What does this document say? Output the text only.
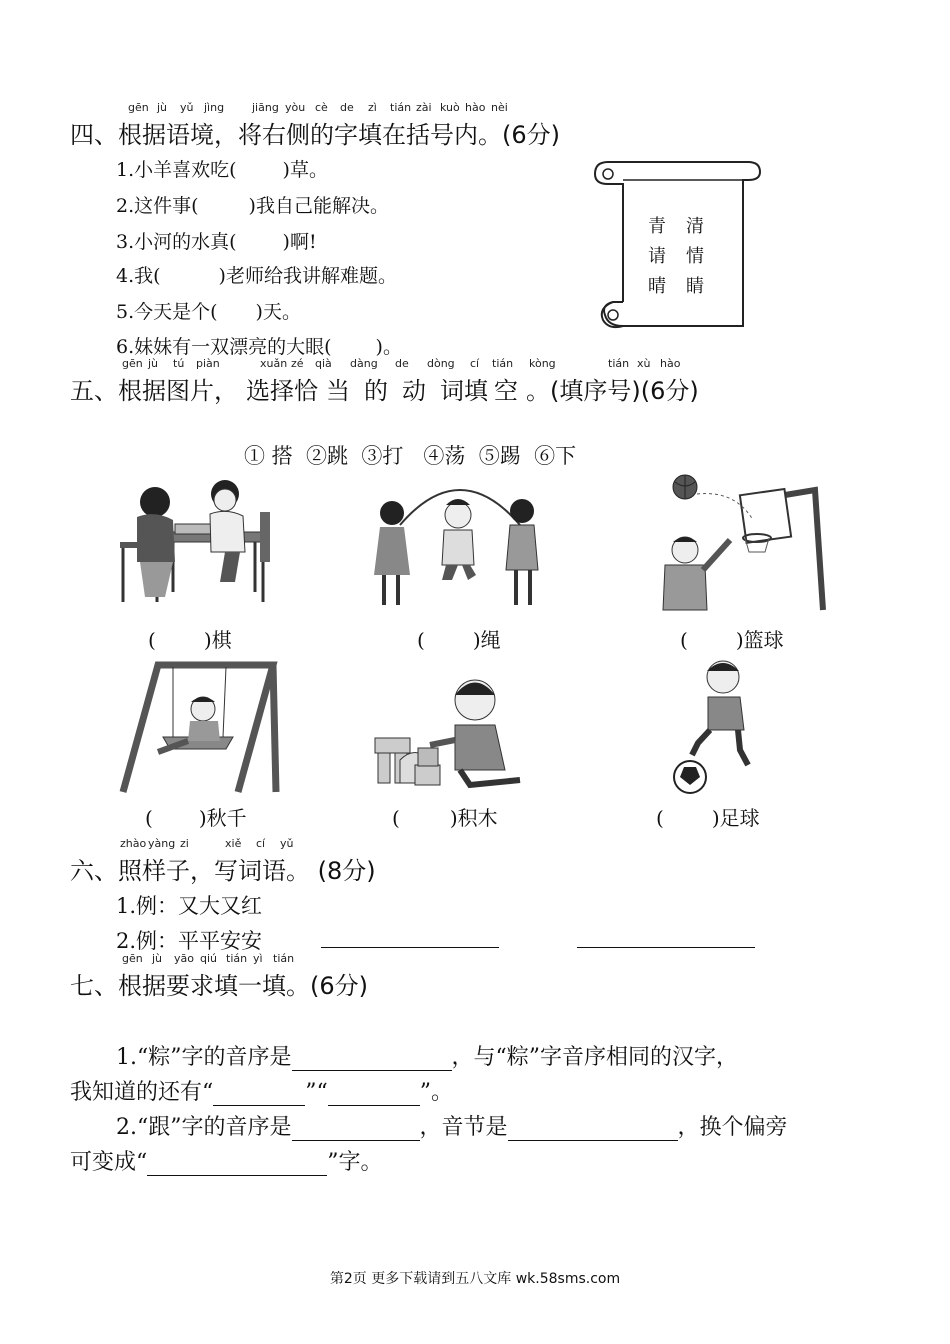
gēn jù yǔ jìng	jiāng yòu cè de zì tián zài kuò hào nèi
四、根据语境，将右侧的字填在括号内。(6分)
1.小羊喜欢吃( )草。
2.这件事(	)我自己能解决。
3.小河的水真( )啊!
4.我(	)老师给我讲解难题。
5.今天是个( )天。
6.妹妹有一双漂亮的大眼( )。
青 清
请 情
晴 睛
gēn jù tú piàn	xuǎn zé qià dàng de dòng cí tián kòng	tián xù hào
五、根据图片， 选择恰 当 的 动 词填 空 。(填序号)(6分)
① 搭  ②跳  ③打   ④荡  ⑤踢  ⑥下
( )棋	( )绳	( )篮球
( )秋千	(	)积木	( )足球
zhào yàng zi	xiě cí yǔ
六、照样子，写词语。 (8分)
1.例：又大又红
2.例：平平安安
gēn jù yāo qiú tián yì tián
七、根据要求填一填。(6分)
1.“粽”字的音序是	，与“粽”字音序相同的汉字，
我知道的还有“	”“	”。
2.“跟”字的音序是	，音节是	，换个偏旁
可变成“	”字。
第2页 更多下载请到五八文库 wk.58sms.com
